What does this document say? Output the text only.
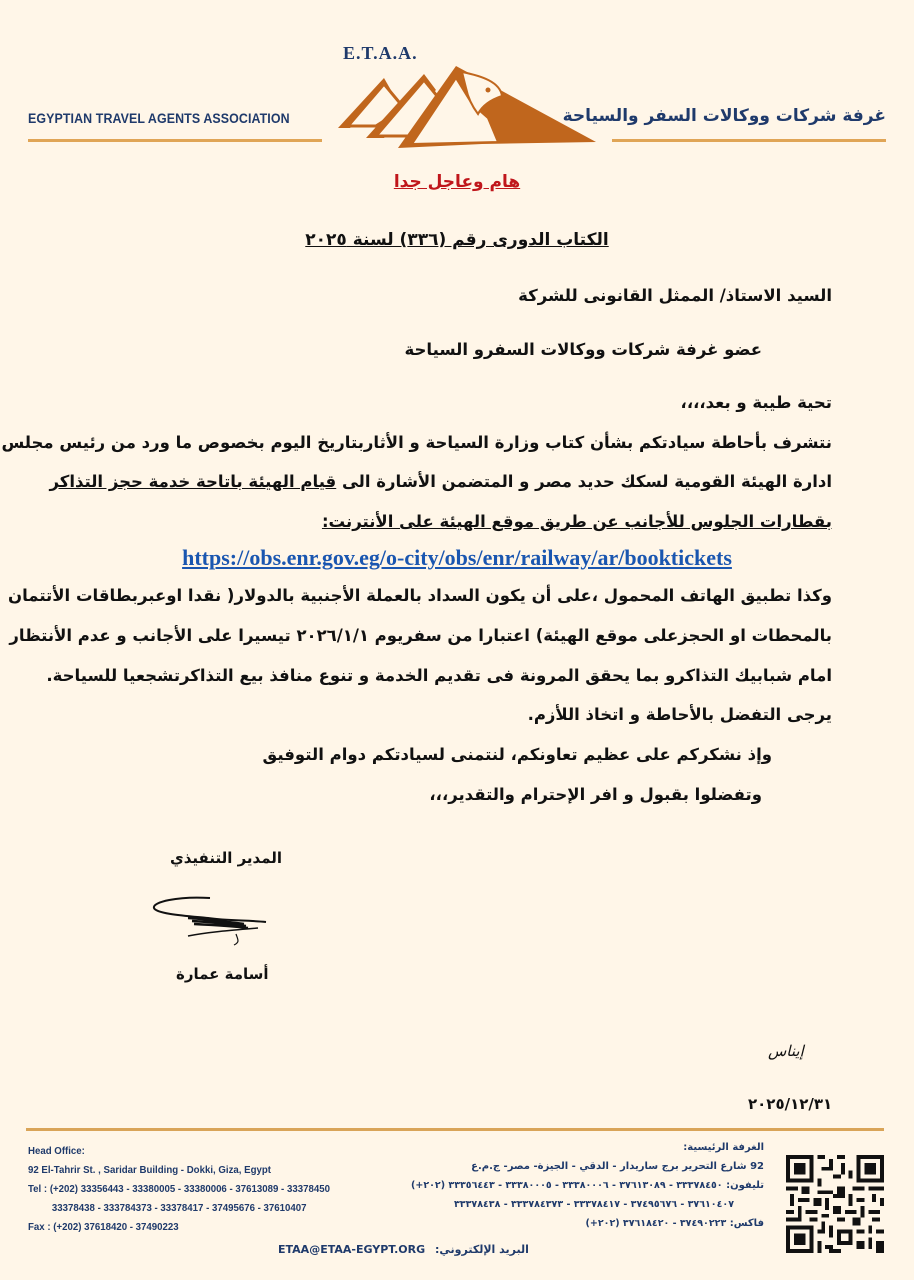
E.T.A.A.
EGYPTIAN TRAVEL AGENTS ASSOCIATION	غرفة شركات ووكالات السفر والسياحة
هام وعاجل جدا
الكتاب الدورى رقم (٣٣٦) لسنة ٢٠٢٥
السيد الاستاذ/ الممثل القانونى للشركة
عضو غرفة شركات ووكالات السفرو السياحة
تحية طيبة و بعد،،،،
نتشرف بأحاطة سيادتكم بشأن كتاب وزارة السياحة و الأثاربتاريخ اليوم بخصوص ما ورد من رئيس مجلس
ادارة الهيئة القومية لسكك حديد مصر و المتضمن الأشارة الى قيام الهيئة باتاحة خدمة حجز التذاكر
بقطارات الجلوس للأجانب عن طريق موقع الهيئة على الأنترنت:
https://obs.enr.gov.eg/o-city/obs/enr/railway/ar/booktickets
وكذا تطبيق الهاتف المحمول ،على أن يكون السداد بالعملة الأجنبية بالدولار( نقدا اوعبربطاقات الأتتمان
بالمحطات او الحجزعلى موقع الهيئة) اعتبارا من سفريوم ٢٠٢٦/١/١ تيسيرا على الأجانب و عدم الأنتظار
امام شبابيك التذاكرو بما يحقق المرونة فى تقديم الخدمة و تنوع منافذ بيع التذاكرتشجعيا للسياحة.
يرجى التفضل بالأحاطة و اتخاذ اللأزم.
وإذ نشكركم على عظيم تعاونكم، لنتمنى لسيادتكم دوام التوفيق
وتفضلوا بقبول و افر الإحترام والتقدير،،،
المدير التنفيذي
أسامة عمارة
إيناس
٢٠٢٥/١٢/٣١
Head Office:
92 El-Tahrir St. , Saridar Building - Dokki, Giza, Egypt
Tel : (+202) 33356443 - 33380005 - 33380006 - 37613089 - 33378450
33378438 - 333784373 - 33378417 - 37495676 - 37610407
Fax : (+202) 37618420 - 37490223
الغرفة الرئيسية:
92 شارع التحرير برج ساريدار - الدقي - الجيزة- مصر- ج.م.ع
تليفون: ٣٣٣٧٨٤٥٠ - ٣٧٦١٣٠٨٩ - ٣٣٣٨٠٠٠٦ - ٣٣٣٨٠٠٠٥ - ٣٣٣٥٦٤٤٣ (٢٠٢+)
٣٧٦١٠٤٠٧ - ٣٧٤٩٥٦٧٦ - ٣٣٣٧٨٤١٧ - ٣٣٣٧٨٤٣٧٣ - ٣٣٣٧٨٤٣٨
فاكس: ٣٧٤٩٠٢٢٣ - ٣٧٦١٨٤٢٠ (٢٠٢+)
ETAA@ETAA-EGYPT.ORG البريد الإلكتروني:
